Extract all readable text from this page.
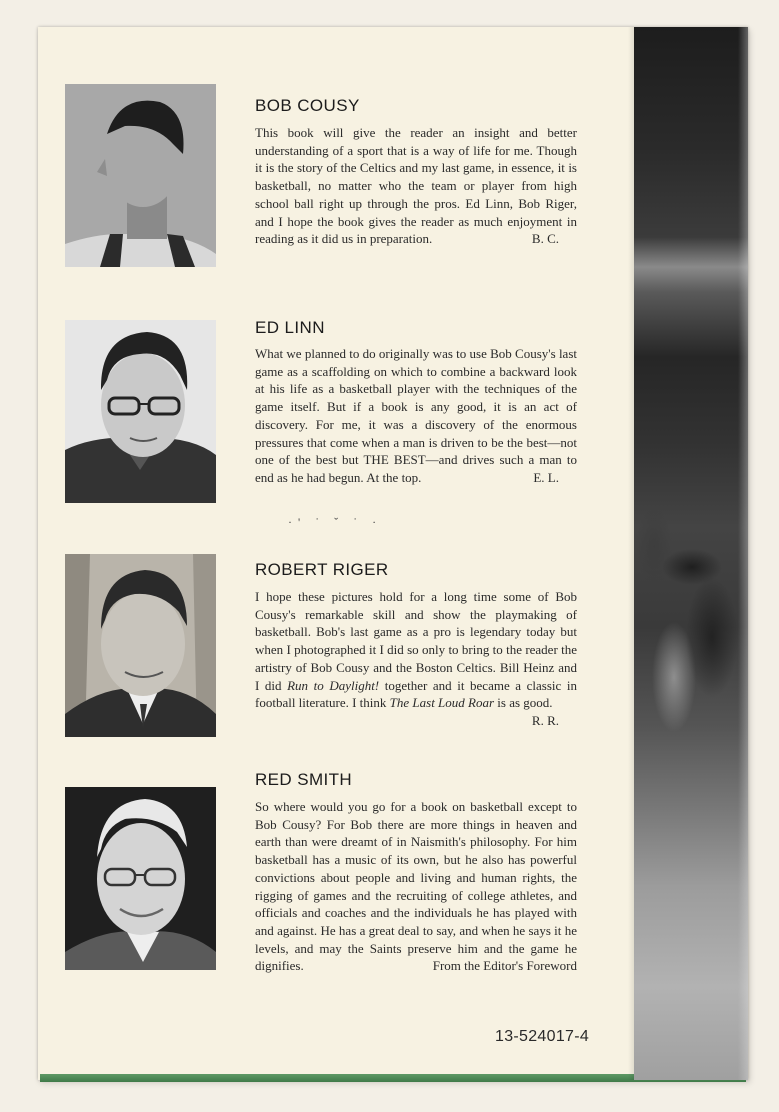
BOB COUSY

This book will give the reader an insight and better understanding of a sport that is a way of life for me. Though it is the story of the Celtics and my last game, in essence, it is basketball, no matter who the team or player from high school ball right up through the pros. Ed Linn, Bob Riger, and I hope the book gives the reader as much enjoyment in reading as it did us in preparation.	B. C.

ED LINN

What we planned to do originally was to use Bob Cousy's last game as a scaffolding on which to combine a backward look at his life as a basketball player with the techniques of the game itself. But if a book is any good, it is an act of discovery. For me, it was a discovery of the enormous pressures that come when a man is driven to be the best—not one of the best but THE BEST—and drives such a man to end as he had begun. At the top.	E. L.

·' ˙ ˇ ˙ ·
ROBERT RIGER

I hope these pictures hold for a long time some of Bob Cousy's remarkable skill and show the playmaking of basketball. Bob's last game as a pro is legendary today but when I photographed it I did so only to bring to the reader the artistry of Bob Cousy and the Boston Celtics. Bill Heinz and I did Run to Daylight! together and it became a classic in football literature. I think The Last Loud Roar is as good.
R. R.

RED SMITH

So where would you go for a book on basketball except to Bob Cousy? For Bob there are more things in heaven and earth than were dreamt of in Naismith's philosophy. For him basketball has a music of its own, but he also has powerful convictions about people and living and human rights, the rigging of games and the recruiting of college athletes, and officials and coaches and the individuals he has played with and against. He has a great deal to say, and when he says it he levels, and may the Saints preserve him and the game he dignifies.	From the Editor's Foreword

13-524017-4
